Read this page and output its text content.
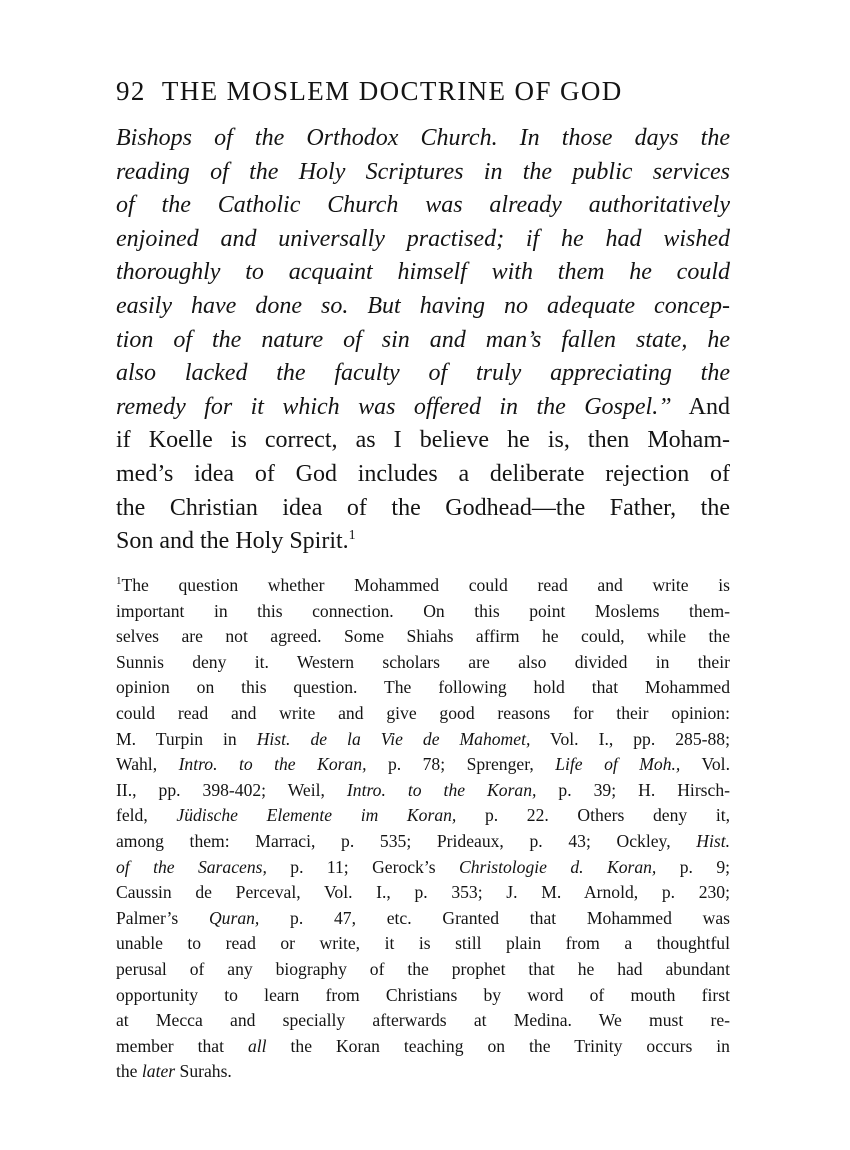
92 THE MOSLEM DOCTRINE OF GOD
Bishops of the Orthodox Church. In those days the
reading of the Holy Scriptures in the public services
of the Catholic Church was already authoritatively
enjoined and universally practised; if he had wished
thoroughly to acquaint himself with them he could
easily have done so. But having no adequate concep-
tion of the nature of sin and man’s fallen state, he
also lacked the faculty of truly appreciating the
remedy for it which was offered in the Gospel.” And
if Koelle is correct, as I believe he is, then Moham-
med’s idea of God includes a deliberate rejection of
the Christian idea of the Godhead—the Father, the
Son and the Holy Spirit.$^1$
$^1$The question whether Mohammed could read and write is
important in this connection. On this point Moslems them-
selves are not agreed. Some Shiahs affirm he could, while the
Sunnis deny it. Western scholars are also divided in their
opinion on this question. The following hold that Mohammed
could read and write and give good reasons for their opinion:
M. Turpin in Hist. de la Vie de Mahomet, Vol. I., pp. 285-88;
Wahl, Intro. to the Koran, p. 78; Sprenger, Life of Moh., Vol.
II., pp. 398-402; Weil, Intro. to the Koran, p. 39; H. Hirsch-
feld, Jüdische Elemente im Koran, p. 22. Others deny it,
among them: Marraci, p. 535; Prideaux, p. 43; Ockley, Hist.
of the Saracens, p. 11; Gerock’s Christologie d. Koran, p. 9;
Caussin de Perceval, Vol. I., p. 353; J. M. Arnold, p. 230;
Palmer’s Quran, p. 47, etc. Granted that Mohammed was
unable to read or write, it is still plain from a thoughtful
perusal of any biography of the prophet that he had abundant
opportunity to learn from Christians by word of mouth first
at Mecca and specially afterwards at Medina. We must re-
member that all the Koran teaching on the Trinity occurs in
the later Surahs.
